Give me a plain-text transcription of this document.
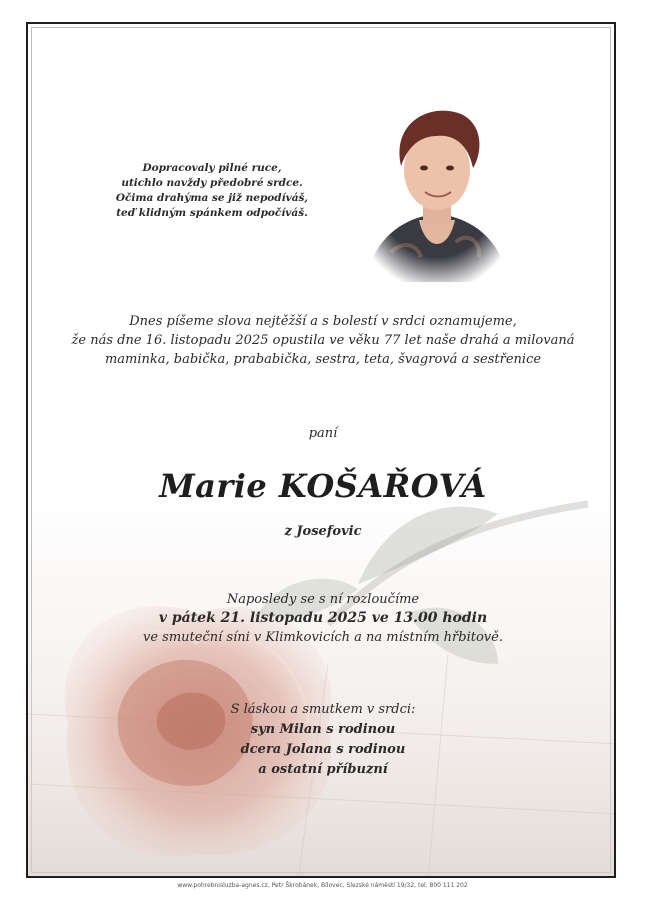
Dopracovaly pilné ruce,
utichlo navždy předobré srdce.
Očima drahýma se již nepodíváš,
teď klidným spánkem odpočíváš.
Dnes píšeme slova nejtěžší a s bolestí v srdci oznamujeme,
že nás dne 16. listopadu 2025 opustila ve věku 77 let naše drahá a milovaná
maminka, babička, prababička, sestra, teta, švagrová a sestřenice
paní
Marie KOŠAŘOVÁ
z Josefovic
Naposledy se s ní rozloučíme
v pátek 21. listopadu 2025 ve 13.00 hodin
ve smuteční síni v Klimkovicích a na místním hřbitově.
S láskou a smutkem v srdci:
syn Milan s rodinou
dcera Jolana s rodinou
a ostatní příbuzní
www.pohrebnisluzba-agnes.cz, Petr Škrobánek, Bílovec, Slezské náměstí 19/32, tel. 800 111 202
